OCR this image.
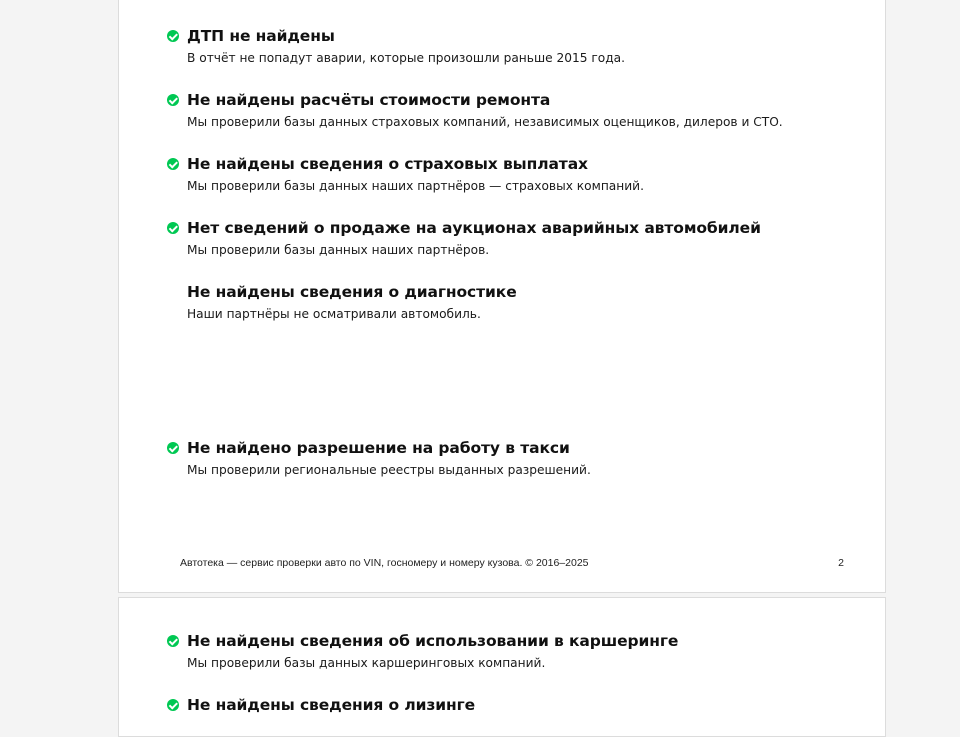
ДТП не найдены
В отчёт не попадут аварии, которые произошли раньше 2015 года.
Не найдены расчёты стоимости ремонта
Мы проверили базы данных страховых компаний, независимых оценщиков, дилеров и СТО.
Не найдены сведения о страховых выплатах
Мы проверили базы данных наших партнёров — страховых компаний.
Нет сведений о продаже на аукционах аварийных автомобилей
Мы проверили базы данных наших партнёров.
Не найдены сведения о диагностике
Наши партнёры не осматривали автомобиль.
Не найдено разрешение на работу в такси
Мы проверили региональные реестры выданных разрешений.
Автотека — сервис проверки авто по VIN, госномеру и номеру кузова. © 2016–2025	2
Не найдены сведения об использовании в каршеринге
Мы проверили базы данных каршеринговых компаний.
Не найдены сведения о лизинге
